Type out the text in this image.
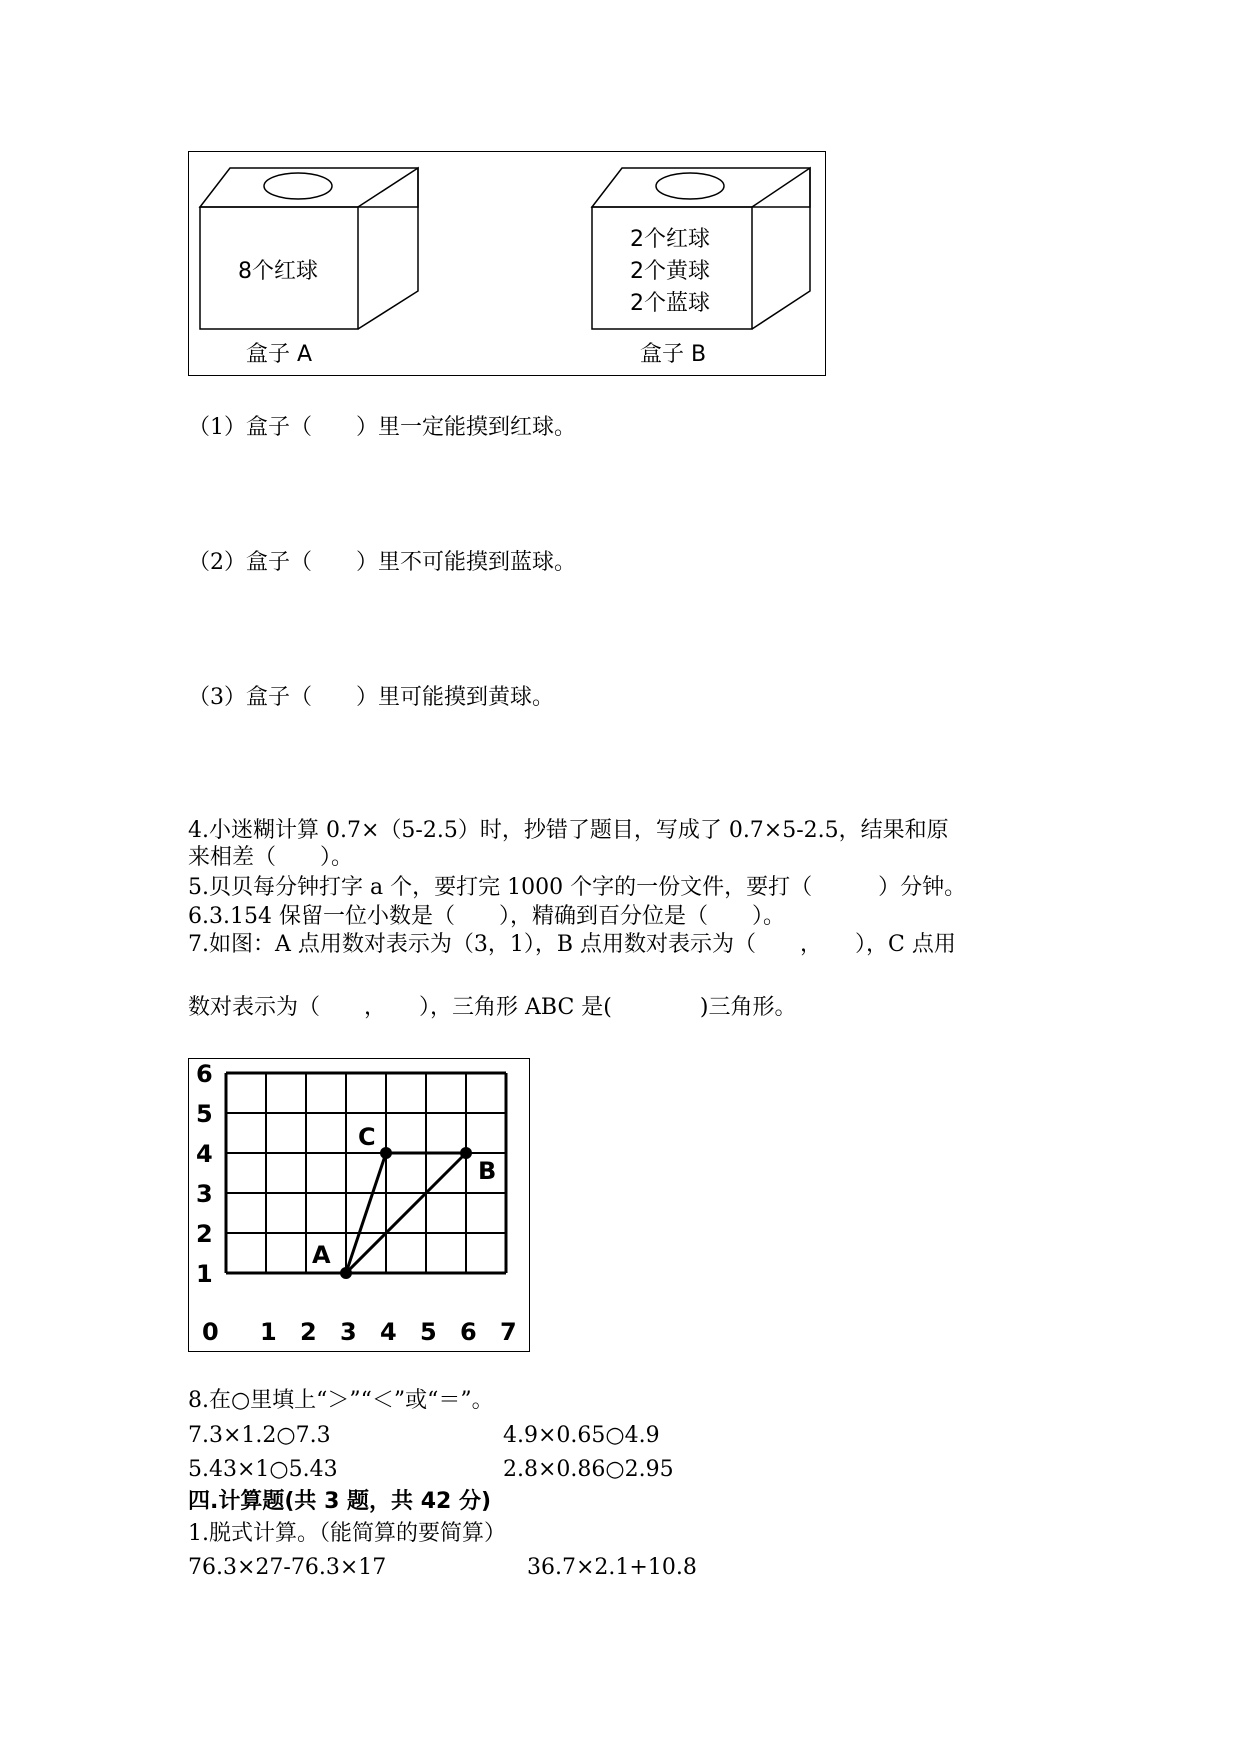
8个红球
盒子 A
2个红球
2个黄球
2个蓝球
盒子 B
（1）盒子（　　）里一定能摸到红球。
（2）盒子（　　）里不可能摸到蓝球。
（3）盒子（　　）里可能摸到黄球。
4.小迷糊计算 0.7×（5-2.5）时，抄错了题目，写成了 0.7×5-2.5，结果和原
来相差（　　）。
5.贝贝每分钟打字 a 个，要打完 1000 个字的一份文件，要打（　　　）分钟。
6.3.154 保留一位小数是（　　），精确到百分位是（　　）。
7.如图：A 点用数对表示为（3，1），B 点用数对表示为（　　，　　），C 点用
数对表示为（　　，　　），三角形 ABC 是(　　　　)三角形。
0 1 2 3 4 5 6 7
1
2
3
4
5
6
A
B
C
8.在○里填上“＞”“＜”或“＝”。
7.3×1.2○7.3	4.9×0.65○4.9
5.43×1○5.43	2.8×0.86○2.95
四.计算题(共 3 题，共 42 分)
1.脱式计算。（能简算的要简算）
76.3×27-76.3×17	36.7×2.1+10.8
